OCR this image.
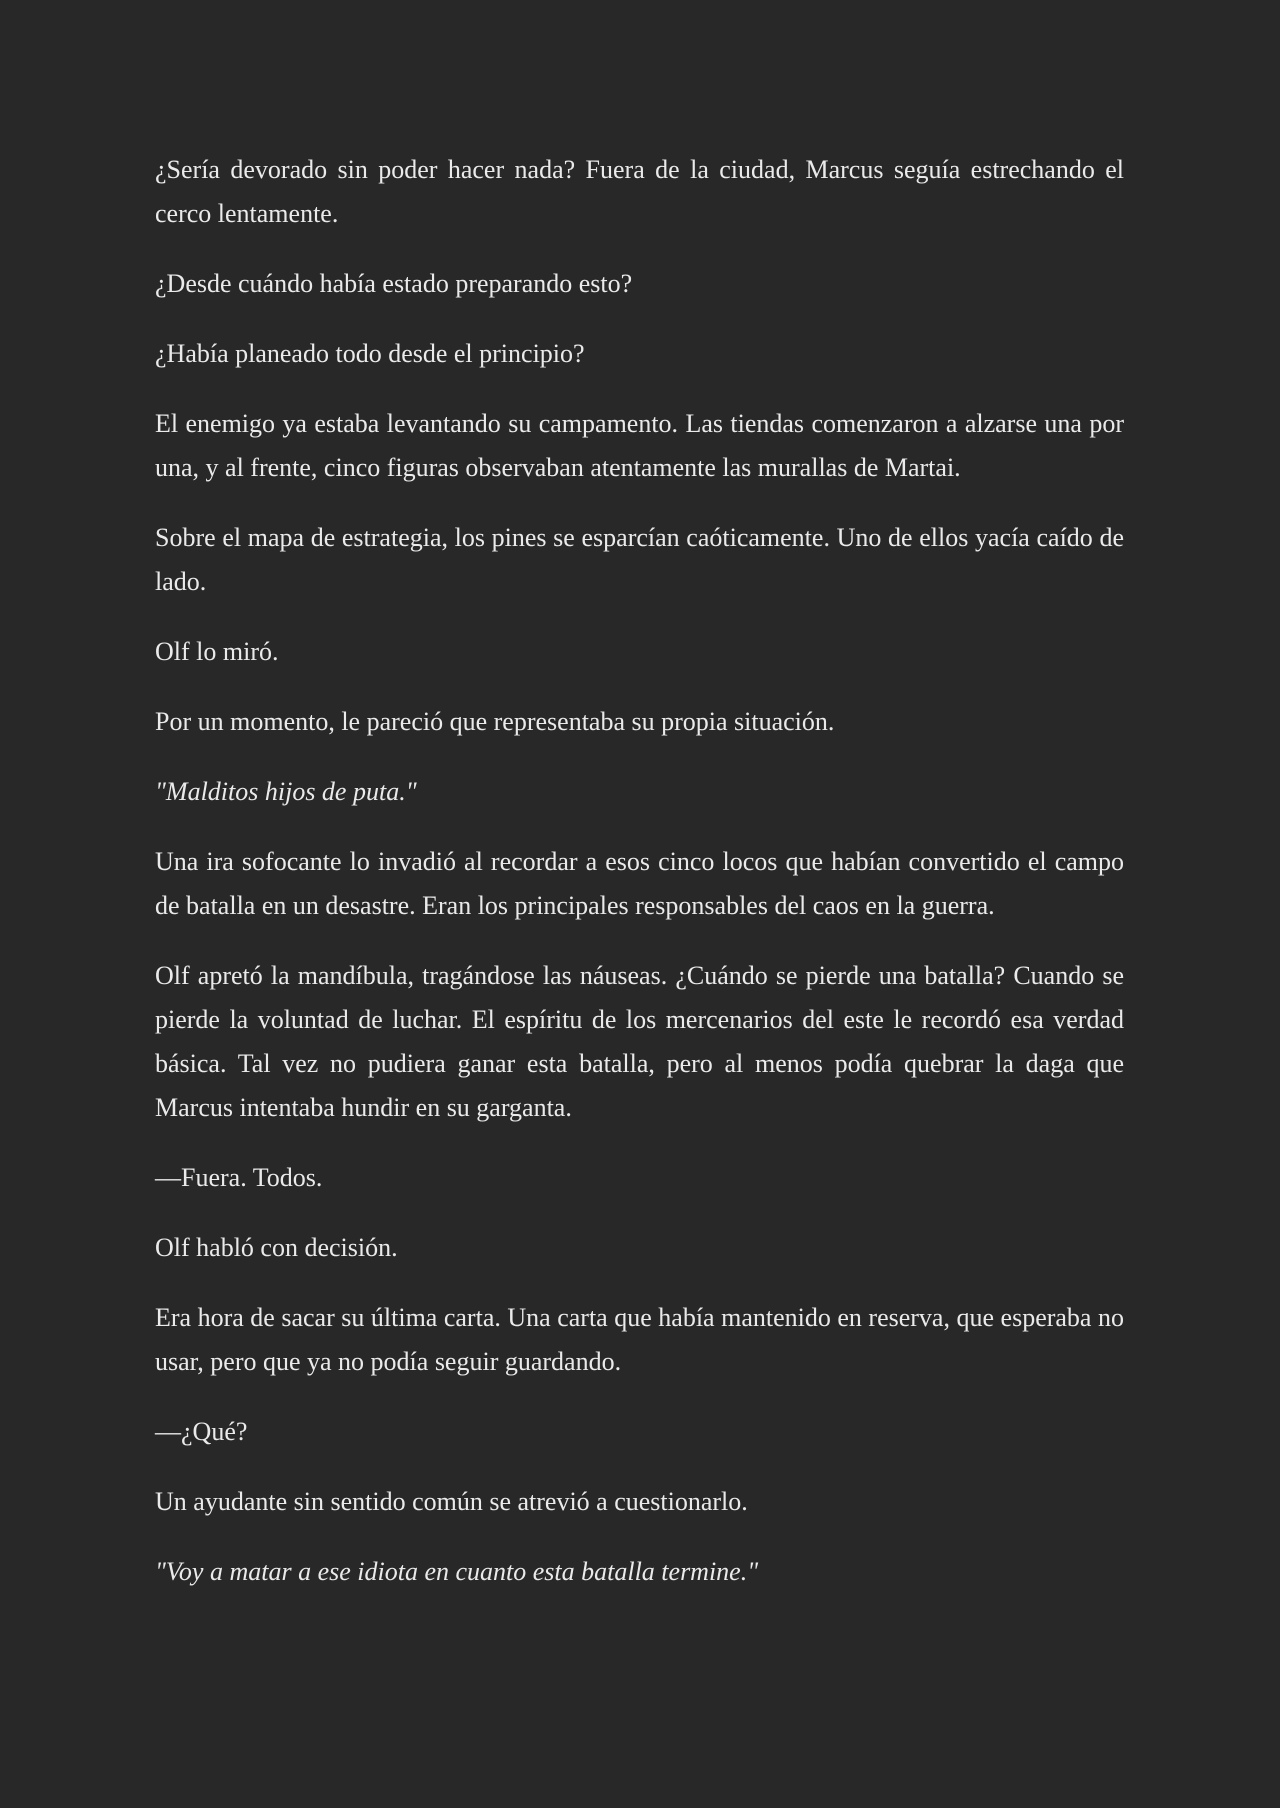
¿Sería devorado sin poder hacer nada? Fuera de la ciudad, Marcus seguía estrechando el cerco lentamente.

¿Desde cuándo había estado preparando esto?

¿Había planeado todo desde el principio?

El enemigo ya estaba levantando su campamento. Las tiendas comenzaron a alzarse una por una, y al frente, cinco figuras observaban atentamente las murallas de Martai.

Sobre el mapa de estrategia, los pines se esparcían caóticamente. Uno de ellos yacía caído de lado.

Olf lo miró.

Por un momento, le pareció que representaba su propia situación.

"Malditos hijos de puta."

Una ira sofocante lo invadió al recordar a esos cinco locos que habían convertido el campo de batalla en un desastre. Eran los principales responsables del caos en la guerra.

Olf apretó la mandíbula, tragándose las náuseas. ¿Cuándo se pierde una batalla? Cuando se pierde la voluntad de luchar. El espíritu de los mercenarios del este le recordó esa verdad básica. Tal vez no pudiera ganar esta batalla, pero al menos podía quebrar la daga que Marcus intentaba hundir en su garganta.

—Fuera. Todos.

Olf habló con decisión.

Era hora de sacar su última carta. Una carta que había mantenido en reserva, que esperaba no usar, pero que ya no podía seguir guardando.

—¿Qué?

Un ayudante sin sentido común se atrevió a cuestionarlo.

"Voy a matar a ese idiota en cuanto esta batalla termine."
